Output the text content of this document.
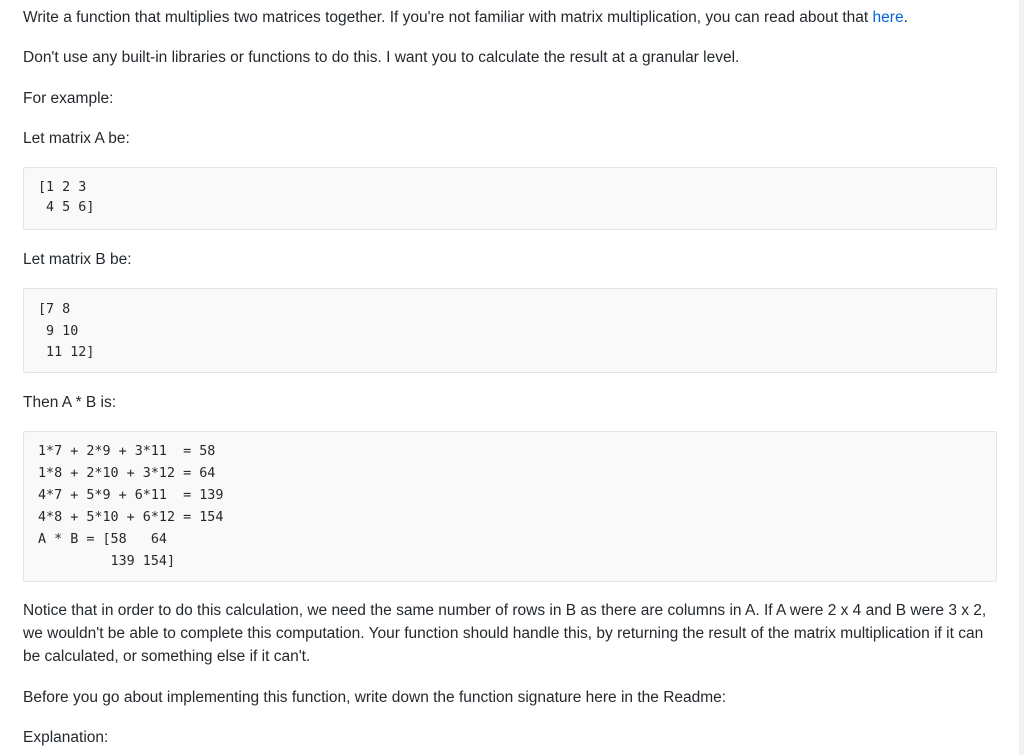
Write a function that multiplies two matrices together. If you're not familiar with matrix multiplication, you can read about that here.

Don't use any built-in libraries or functions to do this. I want you to calculate the result at a granular level.

For example:

Let matrix A be:

[1 2 3
4 5 6]

Let matrix B be:

[7 8
9 10
11 12]

Then A * B is:

1*7 + 2*9 + 3*11  = 58
1*8 + 2*10 + 3*12 = 64
4*7 + 5*9 + 6*11  = 139
4*8 + 5*10 + 6*12 = 154
A * B = [58   64
139 154]

Notice that in order to do this calculation, we need the same number of rows in B as there are columns in A. If A were 2 x 4 and B were 3 x 2, we wouldn't be able to complete this computation. Your function should handle this, by returning the result of the matrix multiplication if it can be calculated, or something else if it can't.

Before you go about implementing this function, write down the function signature here in the Readme:

Explanation:
